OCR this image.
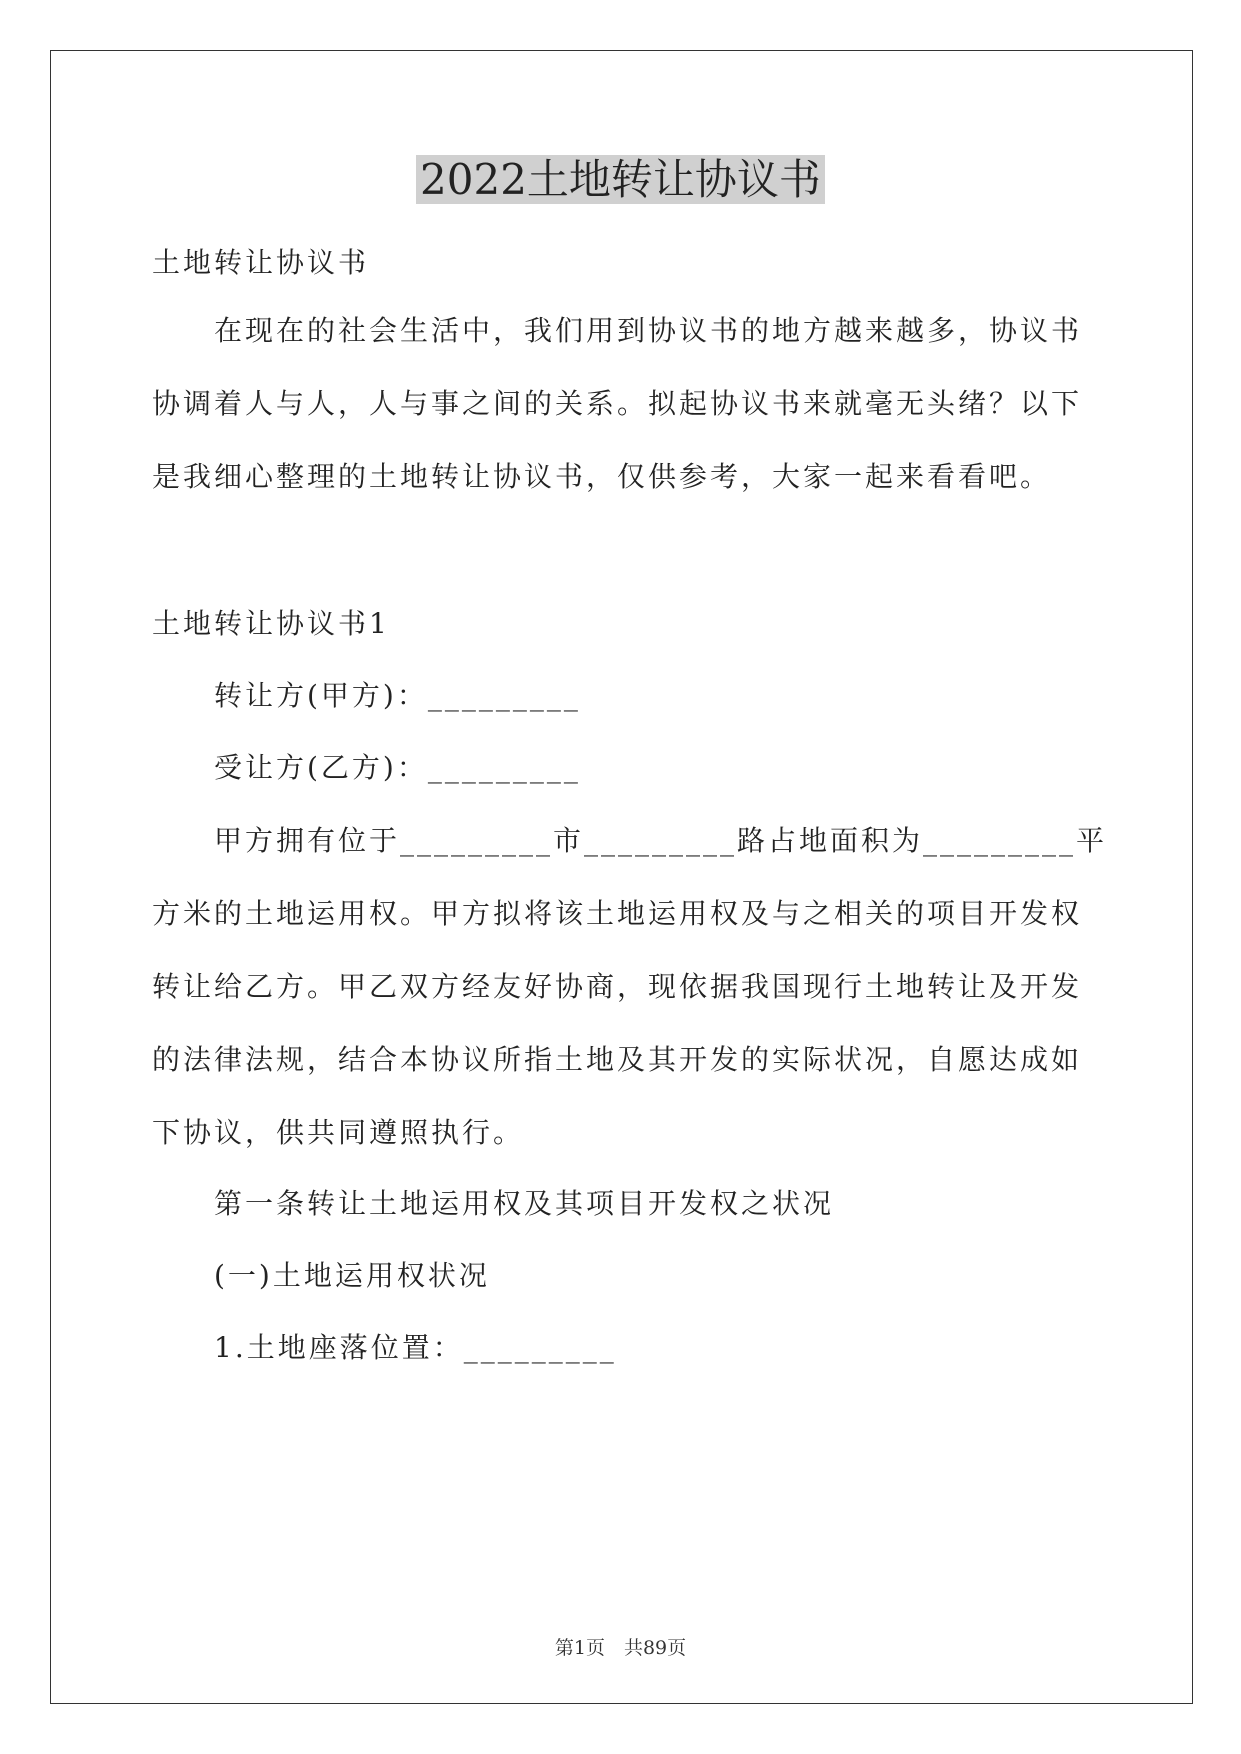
2022土地转让协议书

土地转让协议书

在现在的社会生活中，我们用到协议书的地方越来越多，协议书

协调着人与人，人与事之间的关系。拟起协议书来就毫无头绪？以下

是我细心整理的土地转让协议书，仅供参考，大家一起来看看吧。

土地转让协议书1

转让方(甲方)：_________

受让方(乙方)：_________

甲方拥有位于_________市_________路占地面积为_________平

方米的土地运用权。甲方拟将该土地运用权及与之相关的项目开发权

转让给乙方。甲乙双方经友好协商，现依据我国现行土地转让及开发

的法律法规，结合本协议所指土地及其开发的实际状况，自愿达成如

下协议，供共同遵照执行。

第一条转让土地运用权及其项目开发权之状况

(一)土地运用权状况

1.土地座落位置：_________

第1页　共89页
